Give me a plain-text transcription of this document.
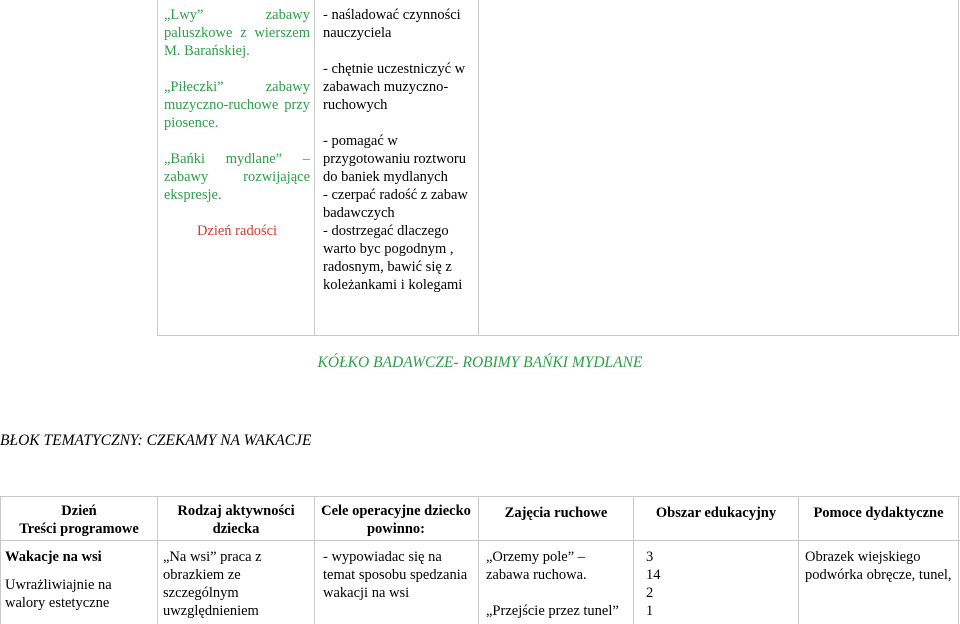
„Lwy” zabawy paluszkowe z wierszem M. Barańskiej.

„Piłeczki” zabawy muzyczno-ruchowe przy piosence.

„Bańki mydlane” – zabawy rozwijające ekspresje.

Dzień radości

- naśladować czynności nauczyciela

- chętnie uczestniczyć w zabawach muzyczno-ruchowych

- pomagać w przygotowaniu roztworu do baniek mydlanych

- czerpać radość z zabaw badawczych

- dostrzegać dlaczego warto byc pogodnym , radosnym, bawić się z koleżankami i kolegami

KÓŁKO BADAWCZE- ROBIMY BAŃKI MYDLANE
BŁOK TEMATYCZNY: CZEKAMY NA WAKACJE
Dzień
Treści programowe
Rodzaj aktywności dziecka
Cele operacyjne dziecko powinno:
Zajęcia ruchowe	Obszar edukacyjny	Pomoce dydaktyczne
Wakacje na wsi
Uwrażliwiajnie na walory estetyczne
„Na wsi” praca z obrazkiem ze szczególnym uwzględnieniem
- wypowiadac się na temat sposobu spedzania wakacji na wsi
„Orzemy pole” – zabawa ruchowa.
„Przejście przez tunel”
3
14
2
1
Obrazek wiejskiego podwórka obręcze, tunel,
